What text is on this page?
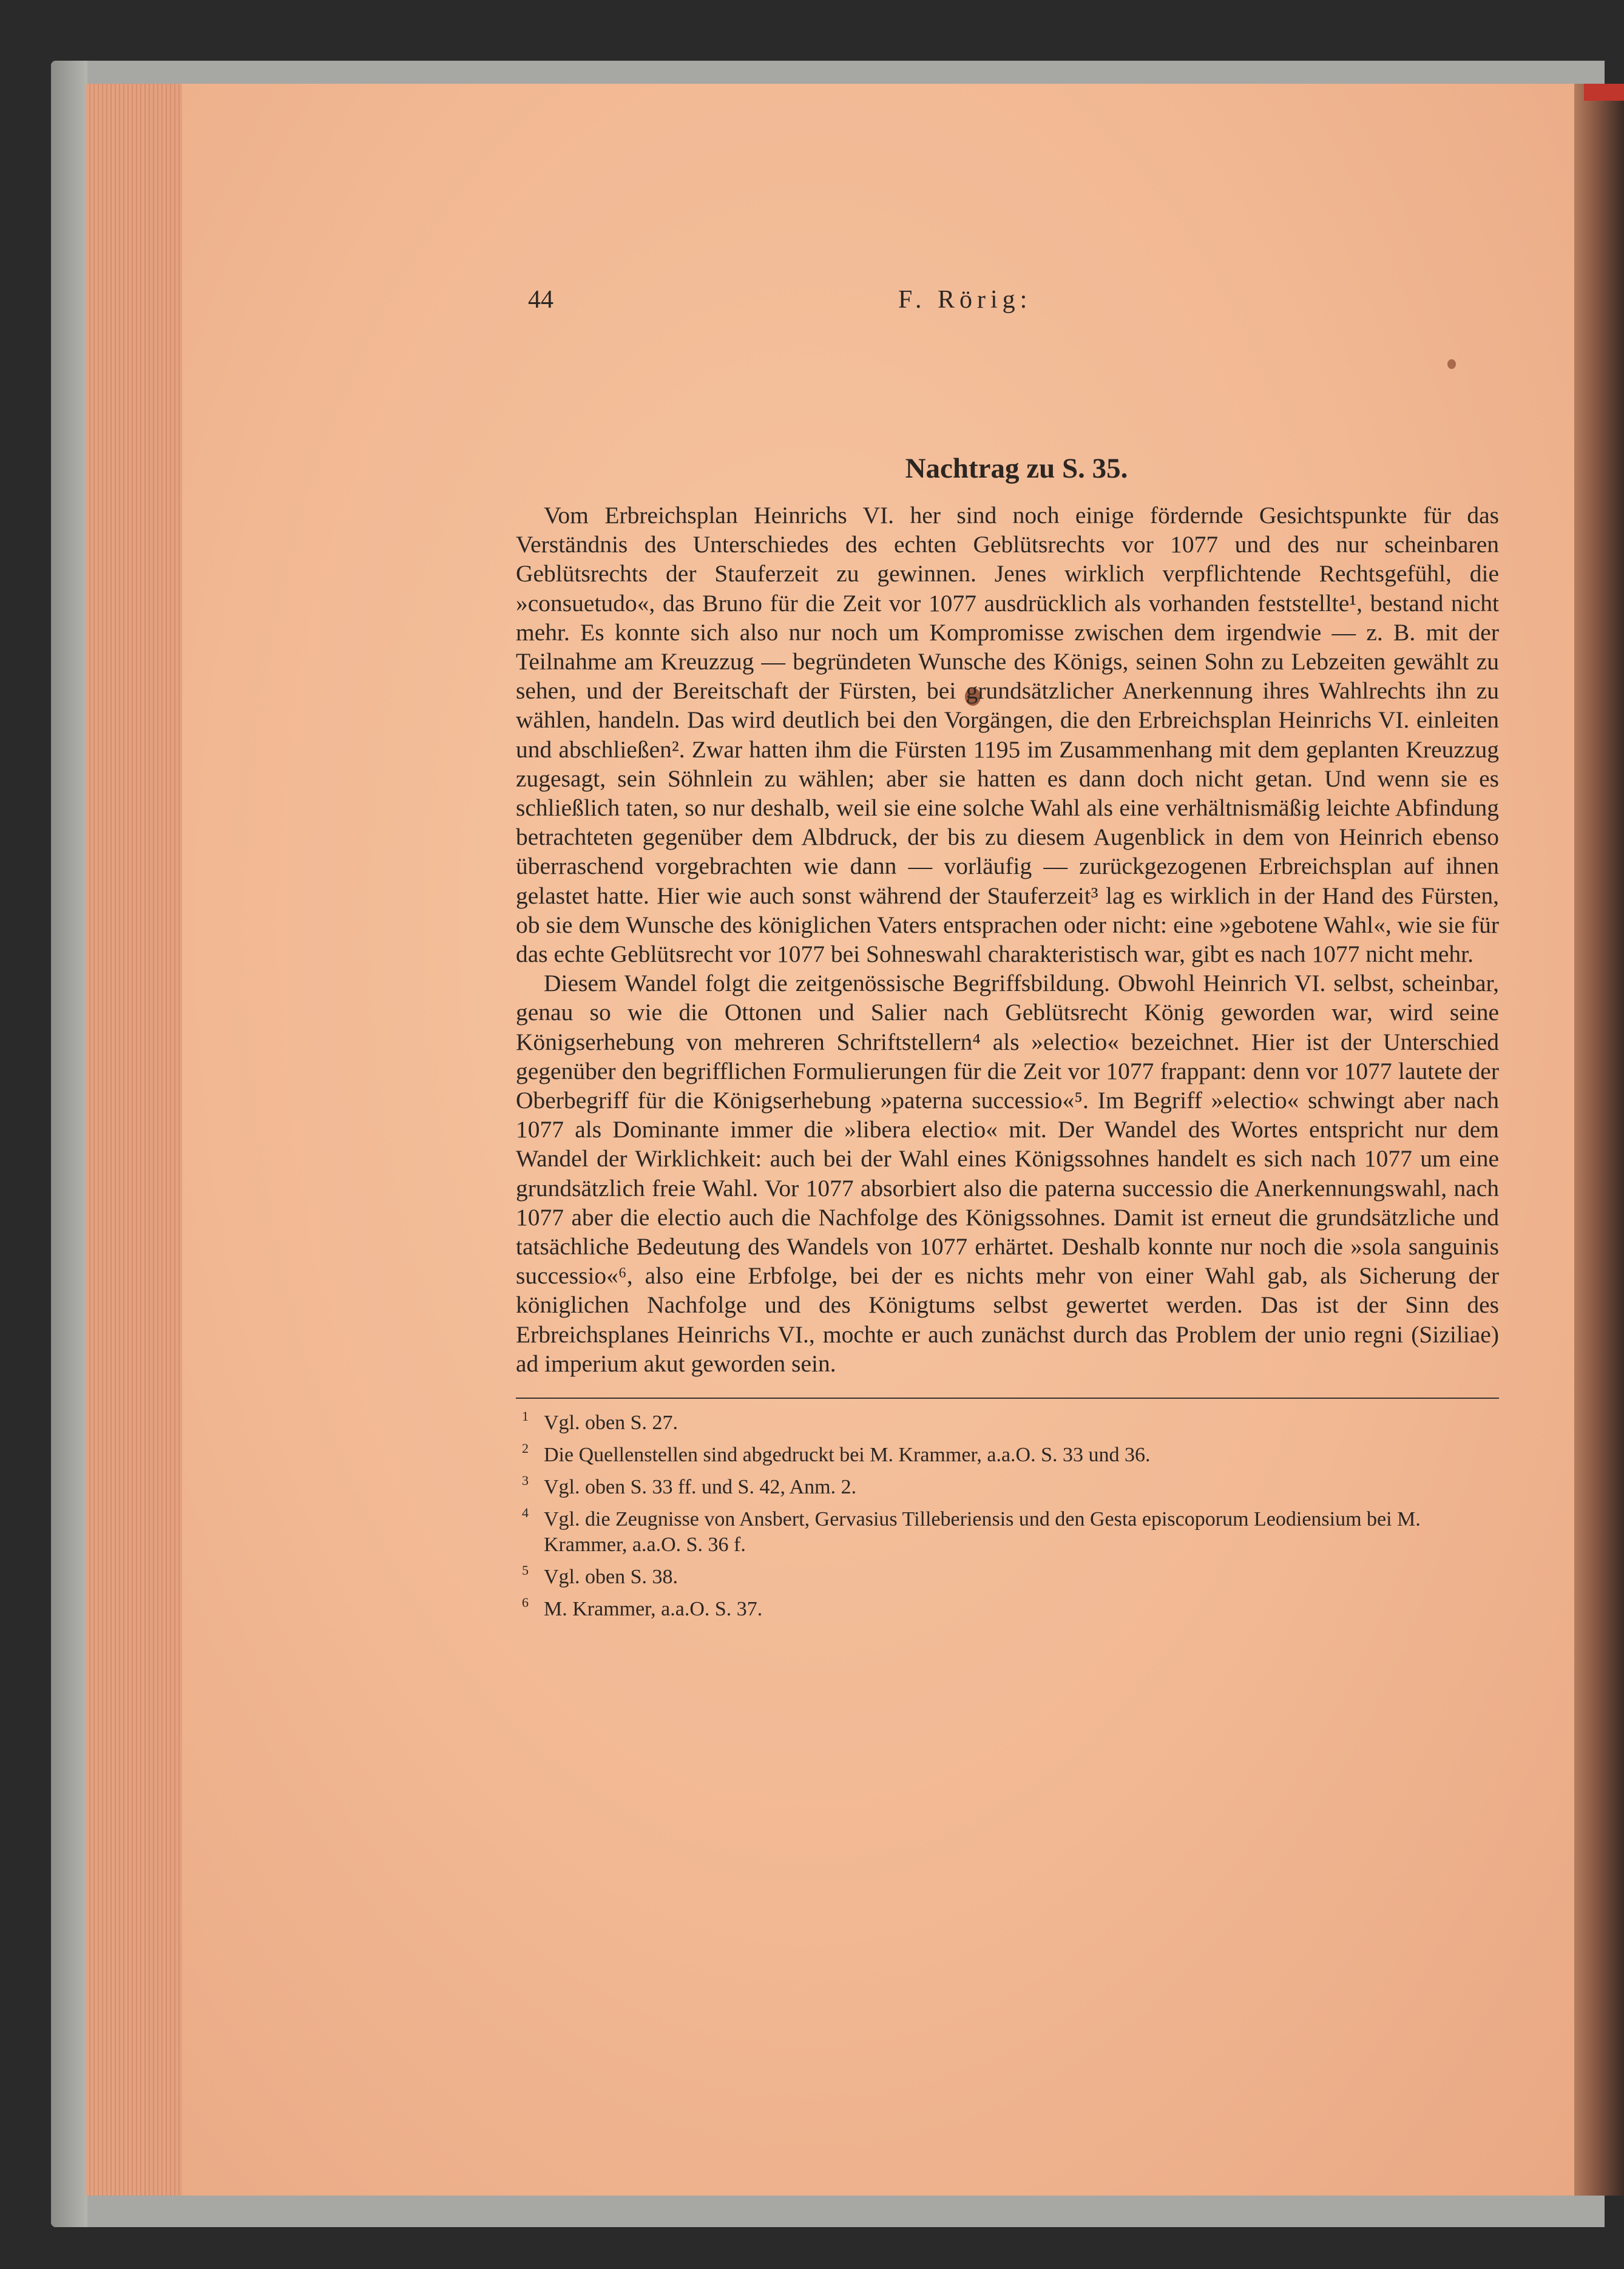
44	F. Rörig:
Nachtrag zu S. 35.

Vom Erbreichsplan Heinrichs VI. her sind noch einige fördernde Gesichtspunkte für das Verständnis des Unterschiedes des echten Geblütsrechts vor 1077 und des nur scheinbaren Geblütsrechts der Stauferzeit zu gewinnen. Jenes wirklich verpflichtende Rechtsgefühl, die »consuetudo«, das Bruno für die Zeit vor 1077 ausdrücklich als vorhanden feststellte¹, bestand nicht mehr. Es konnte sich also nur noch um Kompromisse zwischen dem irgendwie — z. B. mit der Teilnahme am Kreuzzug — begründeten Wunsche des Königs, seinen Sohn zu Lebzeiten gewählt zu sehen, und der Bereitschaft der Fürsten, bei grundsätzlicher Anerkennung ihres Wahlrechts ihn zu wählen, handeln. Das wird deutlich bei den Vorgängen, die den Erbreichsplan Heinrichs VI. einleiten und abschließen². Zwar hatten ihm die Fürsten 1195 im Zusammenhang mit dem geplanten Kreuzzug zugesagt, sein Söhnlein zu wählen; aber sie hatten es dann doch nicht getan. Und wenn sie es schließlich taten, so nur deshalb, weil sie eine solche Wahl als eine verhältnismäßig leichte Abfindung betrachteten gegenüber dem Albdruck, der bis zu diesem Augenblick in dem von Heinrich ebenso überraschend vorgebrachten wie dann — vorläufig — zurückgezogenen Erbreichsplan auf ihnen gelastet hatte. Hier wie auch sonst während der Stauferzeit³ lag es wirklich in der Hand des Fürsten, ob sie dem Wunsche des königlichen Vaters entsprachen oder nicht: eine »gebotene Wahl«, wie sie für das echte Geblütsrecht vor 1077 bei Sohneswahl charakteristisch war, gibt es nach 1077 nicht mehr.

Diesem Wandel folgt die zeitgenössische Begriffsbildung. Obwohl Heinrich VI. selbst, scheinbar, genau so wie die Ottonen und Salier nach Geblütsrecht König geworden war, wird seine Königserhebung von mehreren Schriftstellern⁴ als »electio« bezeichnet. Hier ist der Unterschied gegenüber den begrifflichen Formulierungen für die Zeit vor 1077 frappant: denn vor 1077 lautete der Oberbegriff für die Königserhebung »paterna successio«⁵. Im Begriff »electio« schwingt aber nach 1077 als Dominante immer die »libera electio« mit. Der Wandel des Wortes entspricht nur dem Wandel der Wirklichkeit: auch bei der Wahl eines Königssohnes handelt es sich nach 1077 um eine grundsätzlich freie Wahl. Vor 1077 absorbiert also die paterna successio die Anerkennungswahl, nach 1077 aber die electio auch die Nachfolge des Königssohnes. Damit ist erneut die grundsätzliche und tatsächliche Bedeutung des Wandels von 1077 erhärtet. Deshalb konnte nur noch die »sola sanguinis successio«⁶, also eine Erbfolge, bei der es nichts mehr von einer Wahl gab, als Sicherung der königlichen Nachfolge und des Königtums selbst gewertet werden. Das ist der Sinn des Erbreichsplanes Heinrichs VI., mochte er auch zunächst durch das Problem der unio regni (Siziliae) ad imperium akut geworden sein.

1 Vgl. oben S. 27.

2 Die Quellenstellen sind abgedruckt bei M. Krammer, a.a.O. S. 33 und 36.

3 Vgl. oben S. 33 ff. und S. 42, Anm. 2.

4 Vgl. die Zeugnisse von Ansbert, Gervasius Tilleberiensis und den Gesta episcoporum Leodiensium bei M. Krammer, a.a.O. S. 36 f.

5 Vgl. oben S. 38.

6 M. Krammer, a.a.O. S. 37.
